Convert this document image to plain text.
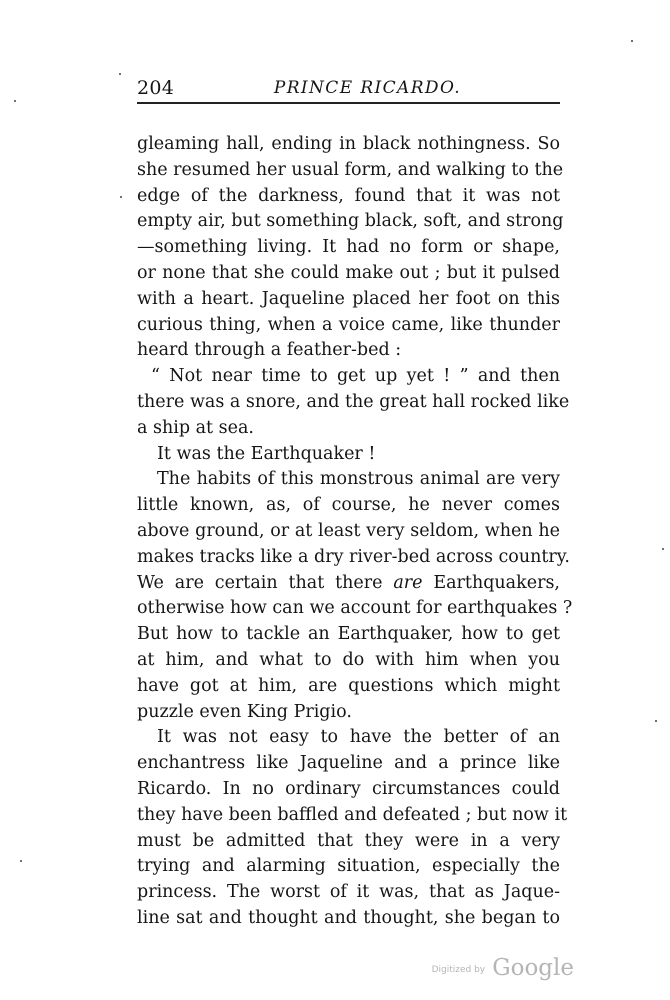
204	PRINCE RICARDO.
gleaming hall, ending in black nothingness. So
she resumed her usual form, and walking to the
edge of the darkness, found that it was not
empty air, but something black, soft, and strong
—something living. It had no form or shape,
or none that she could make out ; but it pulsed
with a heart. Jaqueline placed her foot on this
curious thing, when a voice came, like thunder
heard through a feather-bed :
“ Not near time to get up yet ! ” and then
there was a snore, and the great hall rocked like
a ship at sea.
It was the Earthquaker !
The habits of this monstrous animal are very
little known, as, of course, he never comes
above ground, or at least very seldom, when he
makes tracks like a dry river-bed across country.
We are certain that there are Earthquakers,
otherwise how can we account for earthquakes ?
But how to tackle an Earthquaker, how to get
at him, and what to do with him when you
have got at him, are questions which might
puzzle even King Prigio.
It was not easy to have the better of an
enchantress like Jaqueline and a prince like
Ricardo. In no ordinary circumstances could
they have been baffled and defeated ; but now it
must be admitted that they were in a very
trying and alarming situation, especially the
princess. The worst of it was, that as Jaque-
line sat and thought and thought, she began to
Digitized by Google
